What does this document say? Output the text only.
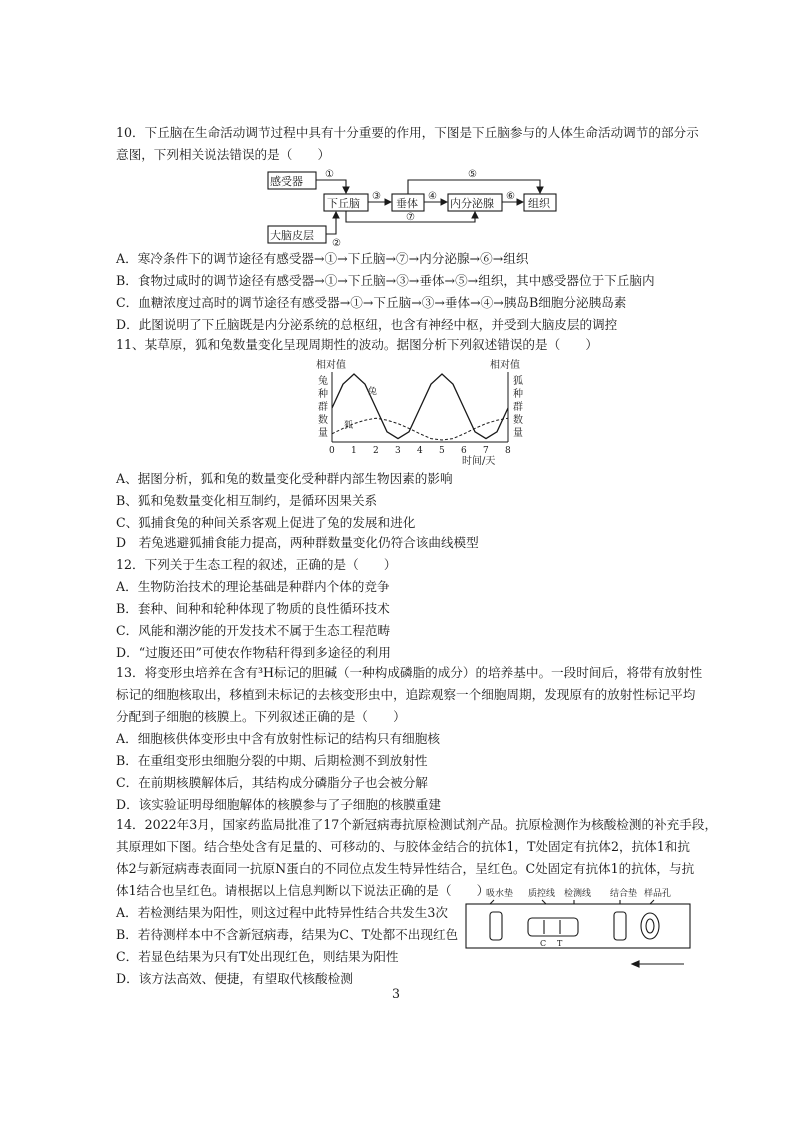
10．下丘脑在生命活动调节过程中具有十分重要的作用，下图是下丘脑参与的人体生命活动调节的部分示
意图，下列相关说法错误的是（　　）
感受器
下丘脑	垂体	内分泌腺	组织
大脑皮层
①
③	④	⑥
⑤
⑦
②
A．寒冷条件下的调节途径有感受器→①→下丘脑→⑦→内分泌腺→⑥→组织
B．食物过咸时的调节途径有感受器→①→下丘脑→③→垂体→⑤→组织，其中感受器位于下丘脑内
C．血糖浓度过高时的调节途径有感受器→①→下丘脑→③→垂体→④→胰岛B细胞分泌胰岛素
D．此图说明了下丘脑既是内分泌系统的总枢纽，也含有神经中枢，并受到大脑皮层的调控
11、某草原，狐和兔数量变化呈现周期性的波动。据图分析下列叙述错误的是（　　）
相对值	相对值
兔
种
群
数
量
狐
种
群
数
量
0 1 2 3 4 5 6 7 8
兔
狐
时间/天
A、据图分析，狐和兔的数量变化受种群内部生物因素的影响
B、狐和兔数量变化相互制约，是循环因果关系
C、狐捕食兔的种间关系客观上促进了兔的发展和进化
D　若兔逃避狐捕食能力提高，两种群数量变化仍符合该曲线模型
12．下列关于生态工程的叙述，正确的是（　　）
A．生物防治技术的理论基础是种群内个体的竞争
B．套种、间种和轮种体现了物质的良性循环技术
C．风能和潮汐能的开发技术不属于生态工程范畴
D．“过腹还田”可使农作物秸秆得到多途径的利用
13．将变形虫培养在含有³H标记的胆碱（一种构成磷脂的成分）的培养基中。一段时间后，将带有放射性
标记的细胞核取出，移植到未标记的去核变形虫中，追踪观察一个细胞周期，发现原有的放射性标记平均
分配到子细胞的核膜上。下列叙述正确的是（　　）
A．细胞核供体变形虫中含有放射性标记的结构只有细胞核
B．在重组变形虫细胞分裂的中期、后期检测不到放射性
C．在前期核膜解体后，其结构成分磷脂分子也会被分解
D．该实验证明母细胞解体的核膜参与了子细胞的核膜重建
14．2022年3月，国家药监局批准了17个新冠病毒抗原检测试剂产品。抗原检测作为核酸检测的补充手段，
其原理如下图。结合垫处含有足量的、可移动的、与胶体金结合的抗体1，T处固定有抗体2，抗体1和抗
体2与新冠病毒表面同一抗原N蛋白的不同位点发生特异性结合，呈红色。C处固定有抗体1的抗体，与抗
体1结合也呈红色。请根据以上信息判断以下说法正确的是（　　）
A．若检测结果为阳性，则这过程中此特异性结合共发生3次
B．若待测样本中不含新冠病毒，结果为C、T处都不出现红色
C．若显色结果为只有T处出现红色，则结果为阳性
D．该方法高效、便捷，有望取代核酸检测
吸水垫 质控线 检测线 结合垫 样品孔
C T
3
